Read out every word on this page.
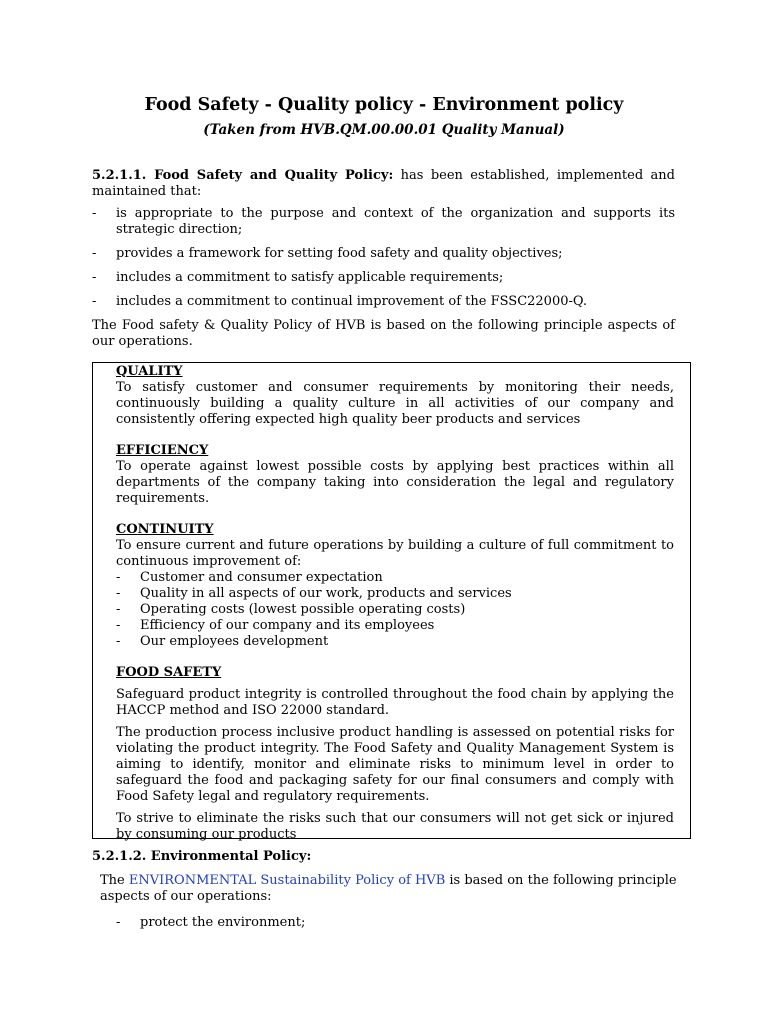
Food Safety - Quality policy - Environment policy
(Taken from HVB.QM.00.00.01 Quality Manual)

5.2.1.1. Food Safety and Quality Policy: has been established, implemented and maintained that:

- is appropriate to the purpose and context of the organization and supports its strategic direction;
- provides a framework for setting food safety and quality objectives;
- includes a commitment to satisfy applicable requirements;
- includes a commitment to continual improvement of the FSSC22000-Q.

The Food safety & Quality Policy of HVB is based on the following principle aspects of our operations.

QUALITY

To satisfy customer and consumer requirements by monitoring their needs, continuously building a quality culture in all activities of our company and consistently offering expected high quality beer products and services

EFFICIENCY

To operate against lowest possible costs by applying best practices within all departments of the company taking into consideration the legal and regulatory requirements.

CONTINUITY

To ensure current and future operations by building a culture of full commitment to continuous improvement of:

- Customer and consumer expectation
- Quality in all aspects of our work, products and services
- Operating costs (lowest possible operating costs)
- Efficiency of our company and its employees
- Our employees development
FOOD SAFETY

Safeguard product integrity is controlled throughout the food chain by applying the HACCP method and ISO 22000 standard.

The production process inclusive product handling is assessed on potential risks for violating the product integrity. The Food Safety and Quality Management System is aiming to identify, monitor and eliminate risks to minimum level in order to safeguard the food and packaging safety for our final consumers and comply with Food Safety legal and regulatory requirements.

To strive to eliminate the risks such that our consumers will not get sick or injured by consuming our products

5.2.1.2. Environmental Policy:

The ENVIRONMENTAL Sustainability Policy of HVB is based on the following principle aspects of our operations:

- protect the environment;
